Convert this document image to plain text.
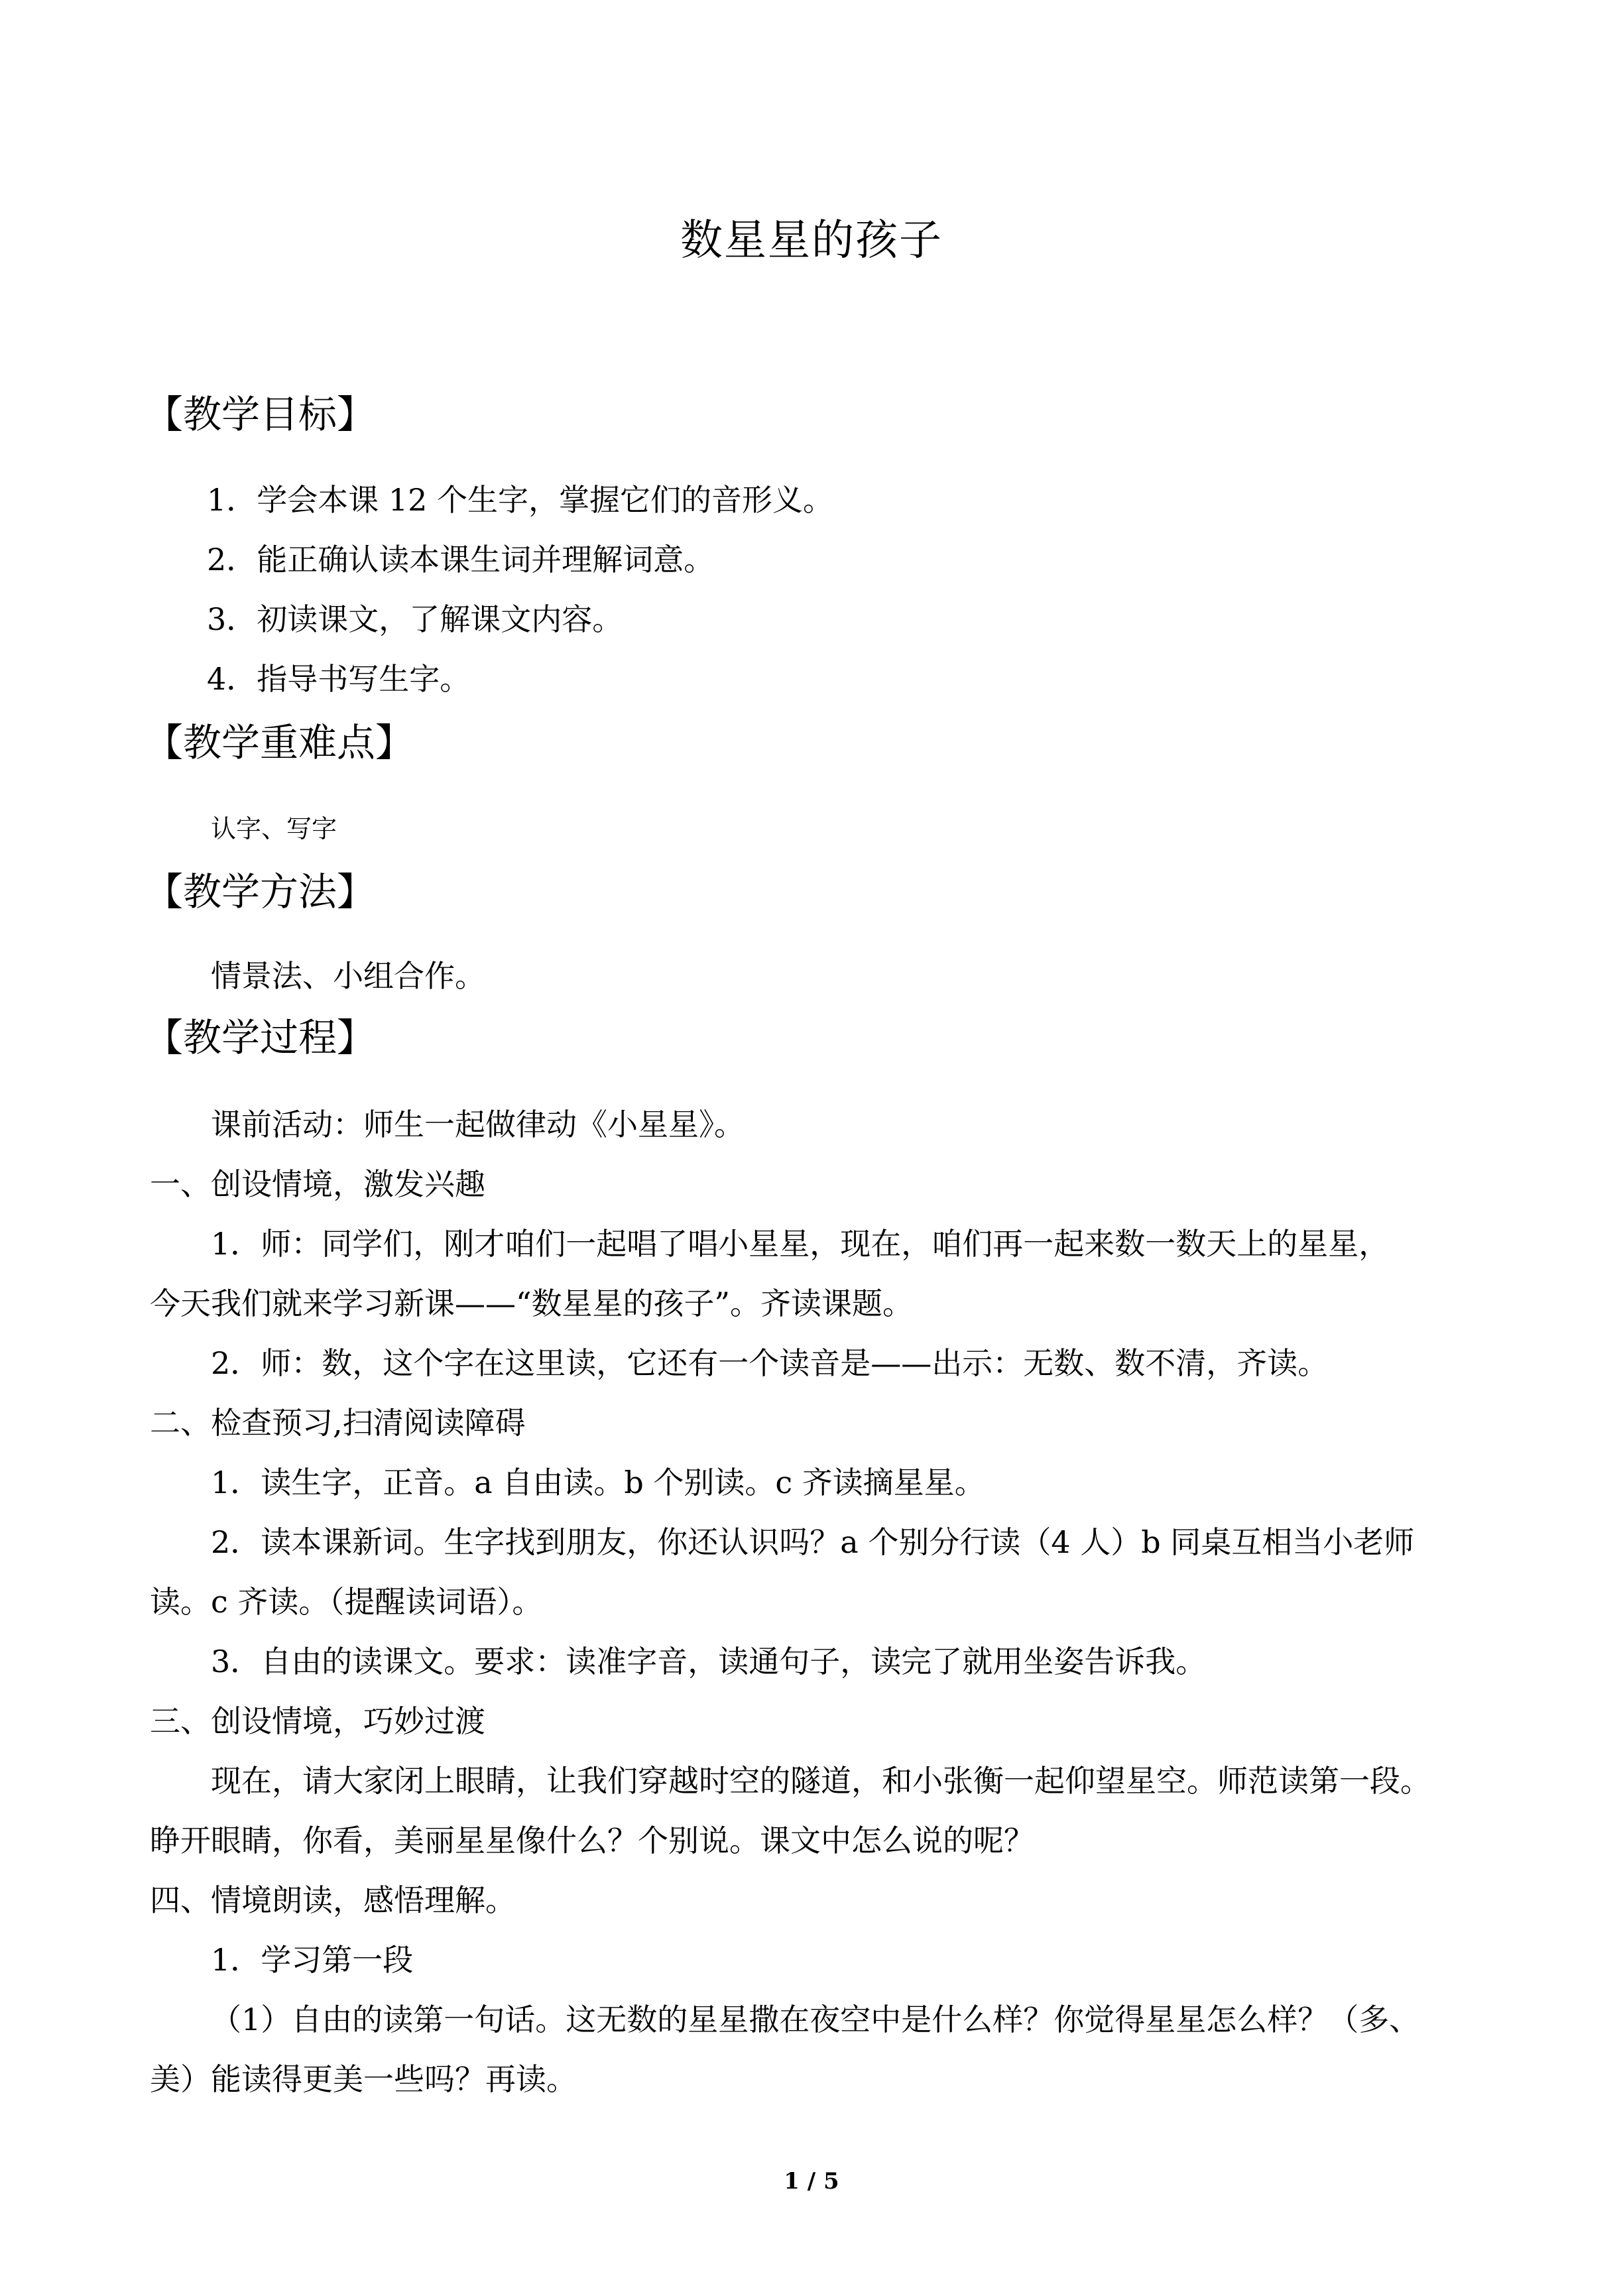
数星星的孩子
【教学目标】
1．学会本课 12 个生字，掌握它们的音形义。
2．能正确认读本课生词并理解词意。
3．初读课文，了解课文内容。
4．指导书写生字。
【教学重难点】
认字、写字
【教学方法】
情景法、小组合作。
【教学过程】
课前活动：师生一起做律动《小星星》。
一、创设情境，激发兴趣
1．师：同学们，刚才咱们一起唱了唱小星星，现在，咱们再一起来数一数天上的星星，
今天我们就来学习新课——“数星星的孩子”。齐读课题。
2．师：数，这个字在这里读，它还有一个读音是——出示：无数、数不清，齐读。
二、检查预习,扫清阅读障碍
1．读生字，正音。a 自由读。b 个别读。c 齐读摘星星。
2．读本课新词。生字找到朋友，你还认识吗？a 个别分行读（4 人）b 同桌互相当小老师
读。c 齐读。（提醒读词语）。
3．自由的读课文。要求：读准字音，读通句子，读完了就用坐姿告诉我。
三、创设情境，巧妙过渡
现在，请大家闭上眼睛，让我们穿越时空的隧道，和小张衡一起仰望星空。师范读第一段。
睁开眼睛，你看，美丽星星像什么？个别说。课文中怎么说的呢？
四、情境朗读，感悟理解。
1．学习第一段
（1）自由的读第一句话。这无数的星星撒在夜空中是什么样？你觉得星星怎么样？（多、
美）能读得更美一些吗？再读。
1 / 5
